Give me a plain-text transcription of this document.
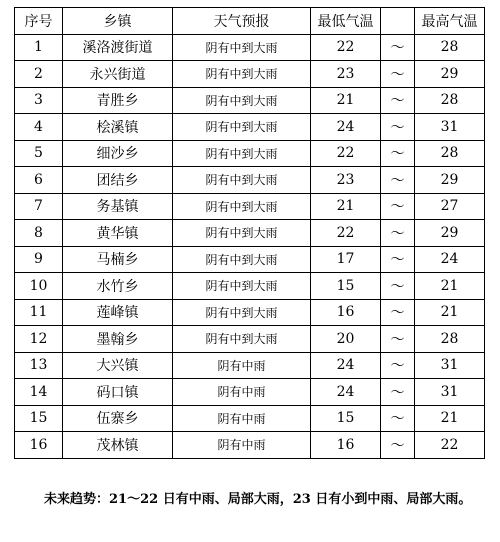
序号	乡镇	天气预报	最低气温		最高气温
1	溪洛渡街道	阴有中到大雨	22	～	28
2	永兴街道	阴有中到大雨	23	～	29
3	青胜乡	阴有中到大雨	21	～	28
4	桧溪镇	阴有中到大雨	24	～	31
5	细沙乡	阴有中到大雨	22	～	28
6	团结乡	阴有中到大雨	23	～	29
7	务基镇	阴有中到大雨	21	～	27
8	黄华镇	阴有中到大雨	22	～	29
9	马楠乡	阴有中到大雨	17	～	24
10	水竹乡	阴有中到大雨	15	～	21
11	莲峰镇	阴有中到大雨	16	～	21
12	墨翰乡	阴有中到大雨	20	～	28
13	大兴镇	阴有中雨	24	～	31
14	码口镇	阴有中雨	24	～	31
15	伍寨乡	阴有中雨	15	～	21
16	茂林镇	阴有中雨	16	～	22
未来趋势：21～22 日有中雨、局部大雨，23 日有小到中雨、局部大雨。
